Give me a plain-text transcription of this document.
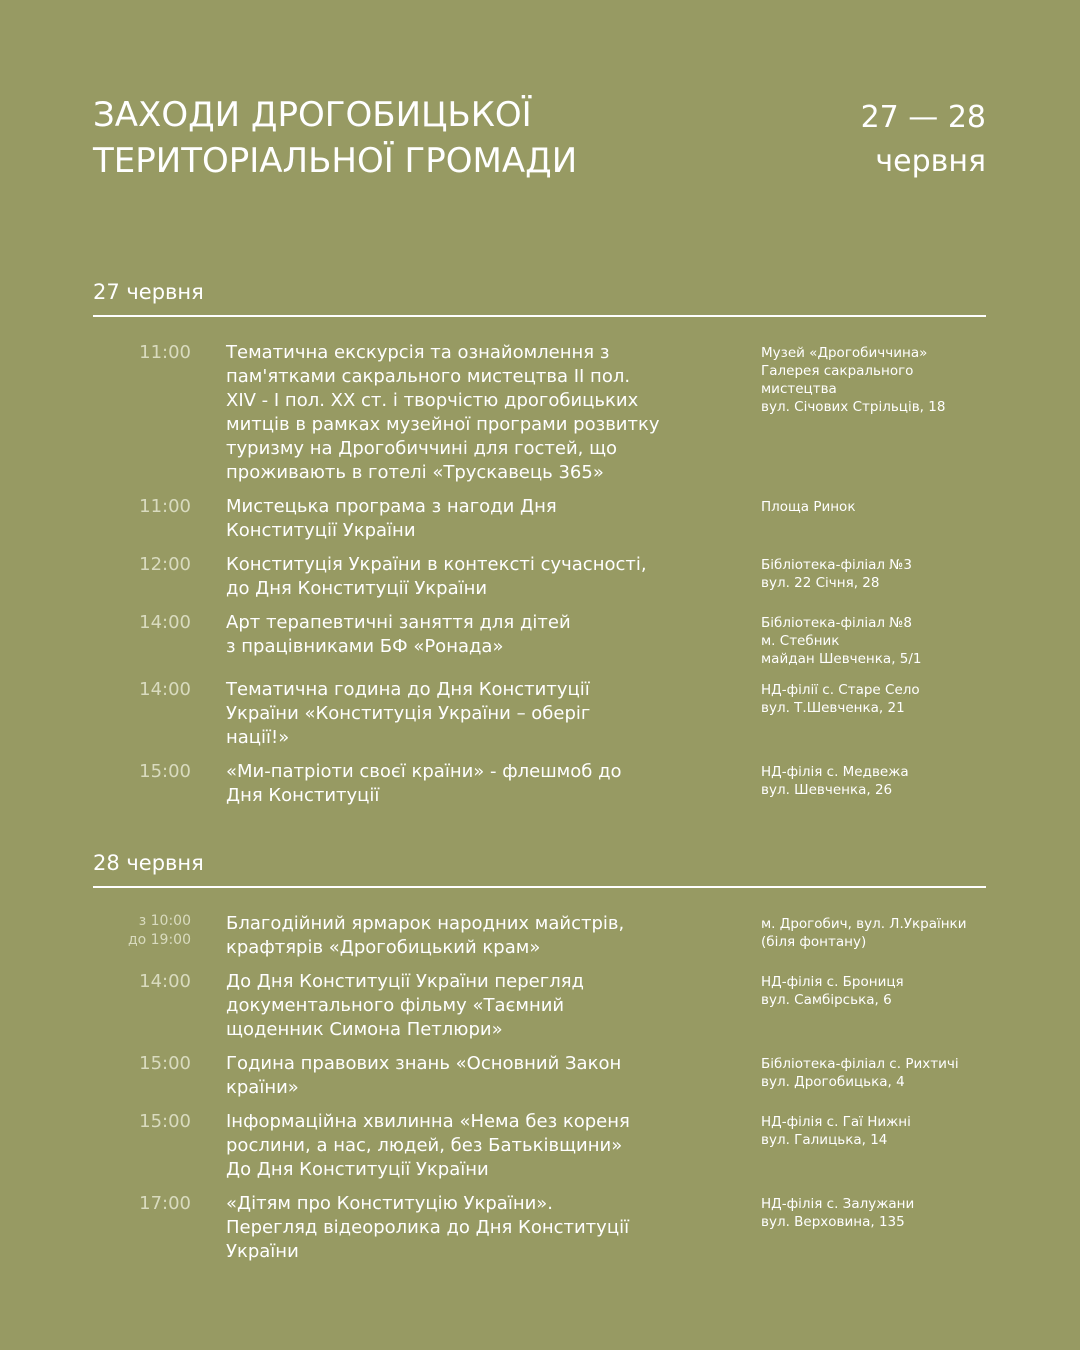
ЗАХОДИ ДРОГОБИЦЬКОЇ
ТЕРИТОРІАЛЬНОЇ ГРОМАДИ
27 — 28
червня
27 червня
11:00 Тематична екскурсія та ознайомлення з
пам'ятками сакрального мистецтва ІІ пол.
XIV - І пол. XX ст. і творчістю дрогобицьких
митців в рамках музейної програми розвитку
туризму на Дрогобиччині для гостей, що
проживають в готелі «Трускавець 365»
Музей «Дрогобиччина»
Галерея сакрального
мистецтва
вул. Січових Стрільців, 18
11:00 Мистецька програма з нагоди Дня
Конституції України
Площа Ринок
12:00 Конституція України в контексті сучасності,
до Дня Конституції України
Бібліотека-філіал №3
вул. 22 Січня, 28
14:00 Арт терапевтичні заняття для дітей
з працівниками БФ «Ронада»
Бібліотека-філіал №8
м. Стебник
майдан Шевченка, 5/1
14:00 Тематична година до Дня Конституції
України «Конституція України – оберіг
нації!»
НД-філії с. Старе Село
вул. Т.Шевченка, 21
15:00 «Ми-патріоти своєї країни» - флешмоб до
Дня Конституції
НД-філія с. Медвежа
вул. Шевченка, 26
28 червня
з 10:00
до 19:00
Благодійний ярмарок народних майстрів,
крафтярів «Дрогобицький крам»
м. Дрогобич, вул. Л.Українки
(біля фонтану)
14:00 До Дня Конституції України перегляд
документального фільму «Таємний
щоденник Симона Петлюри»
НД-філія с. Брониця
вул. Самбірська, 6
15:00 Година правових знань «Основний Закон
країни»
Бібліотека-філіал с. Рихтичі
вул. Дрогобицька, 4
15:00 Інформаційна хвилинна «Нема без кореня
рослини, а нас, людей, без Батьківщини»
До Дня Конституції України
НД-філія с. Гаї Нижні
вул. Галицька, 14
17:00 «Дітям про Конституцію України».
Перегляд відеоролика до Дня Конституції
України
НД-філія с. Залужани
вул. Верховина, 135
